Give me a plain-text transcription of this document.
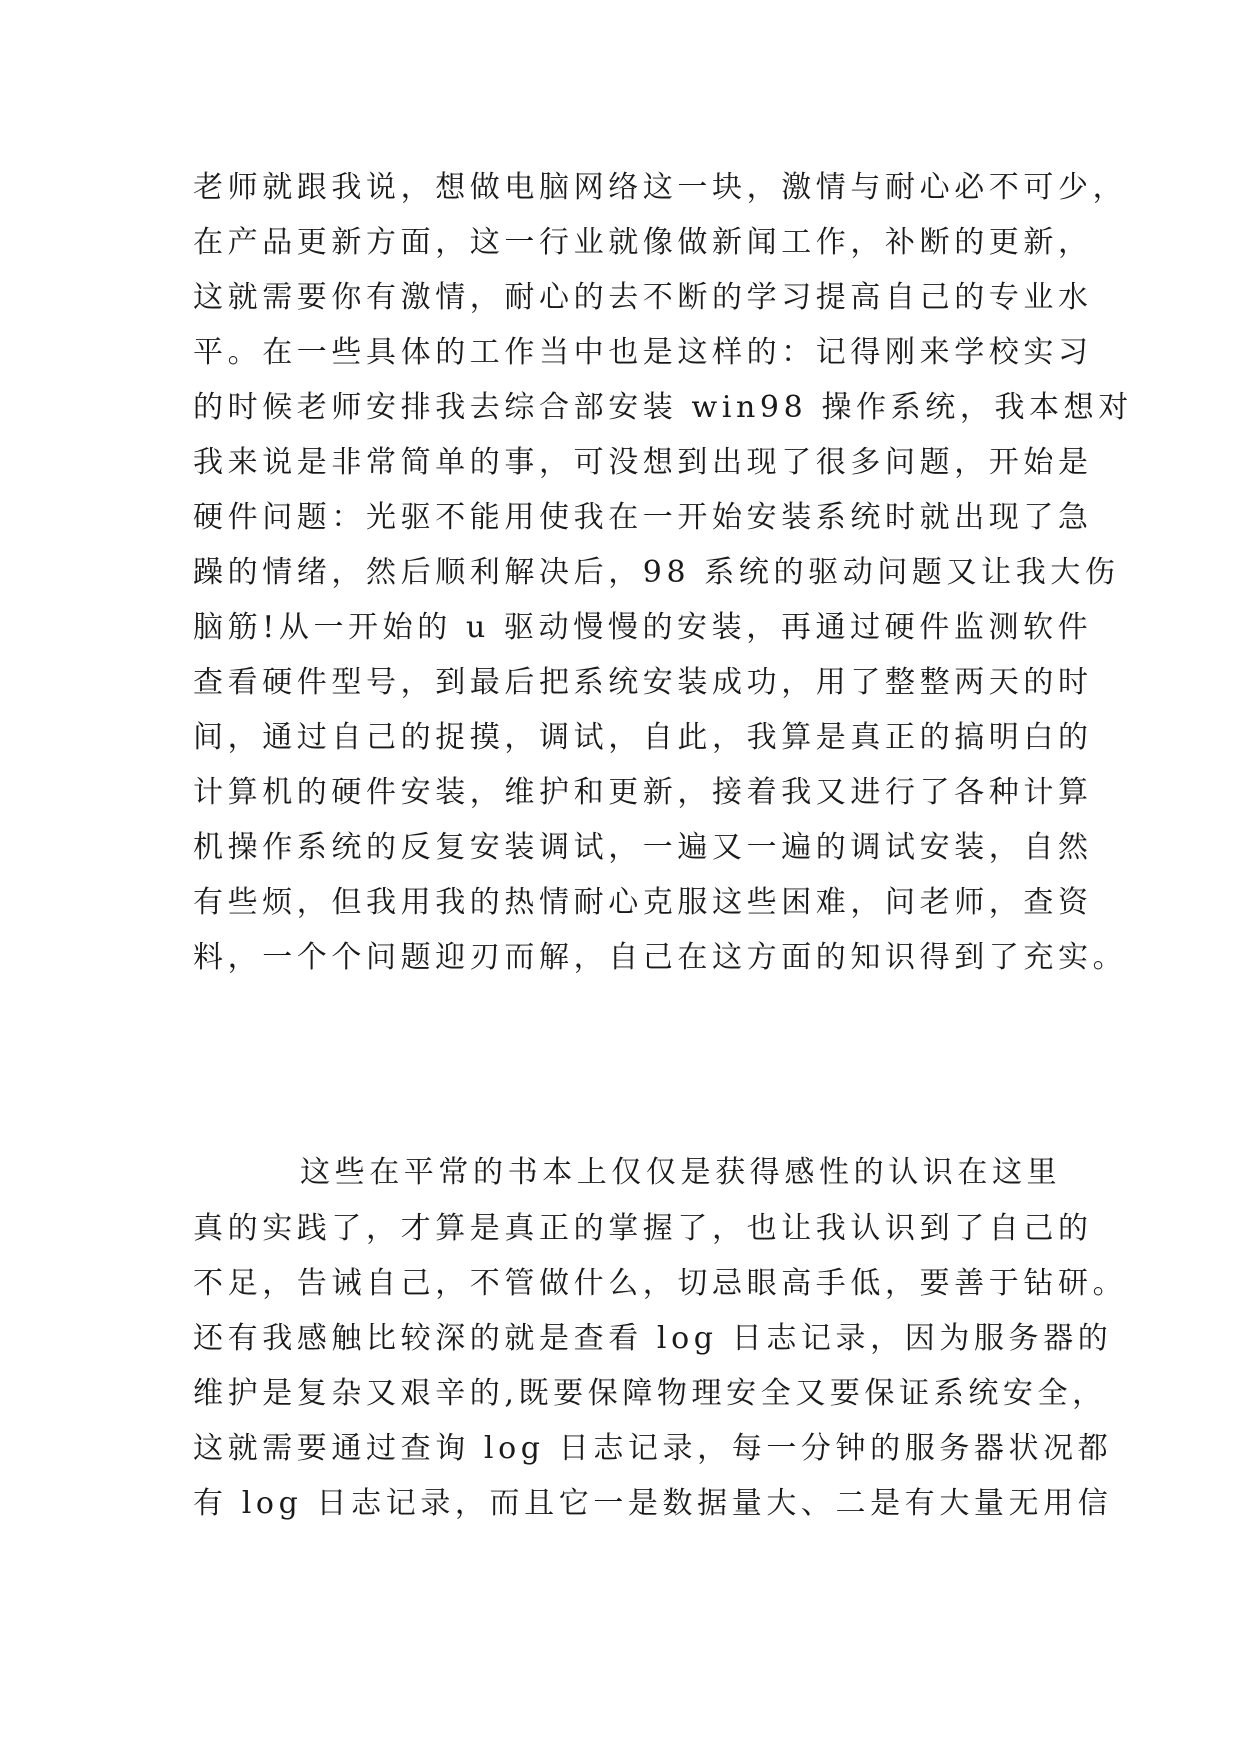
老师就跟我说，想做电脑网络这一块，激情与耐心必不可少，
在产品更新方面，这一行业就像做新闻工作，补断的更新，
这就需要你有激情，耐心的去不断的学习提高自己的专业水
平。在一些具体的工作当中也是这样的：记得刚来学校实习
的时候老师安排我去综合部安装 win98 操作系统，我本想对
我来说是非常简单的事，可没想到出现了很多问题，开始是
硬件问题：光驱不能用使我在一开始安装系统时就出现了急
躁的情绪，然后顺利解决后，98 系统的驱动问题又让我大伤
脑筋!从一开始的 u 驱动慢慢的安装，再通过硬件监测软件
查看硬件型号，到最后把系统安装成功，用了整整两天的时
间，通过自己的捉摸，调试，自此，我算是真正的搞明白的
计算机的硬件安装，维护和更新，接着我又进行了各种计算
机操作系统的反复安装调试，一遍又一遍的调试安装，自然
有些烦，但我用我的热情耐心克服这些困难，问老师，查资
料，一个个问题迎刃而解，自己在这方面的知识得到了充实。
这些在平常的书本上仅仅是获得感性的认识在这里
真的实践了，才算是真正的掌握了，也让我认识到了自己的
不足，告诫自己，不管做什么，切忌眼高手低，要善于钻研。
还有我感触比较深的就是查看 log 日志记录，因为服务器的
维护是复杂又艰辛的,既要保障物理安全又要保证系统安全，
这就需要通过查询 log 日志记录，每一分钟的服务器状况都
有 log 日志记录，而且它一是数据量大、二是有大量无用信
